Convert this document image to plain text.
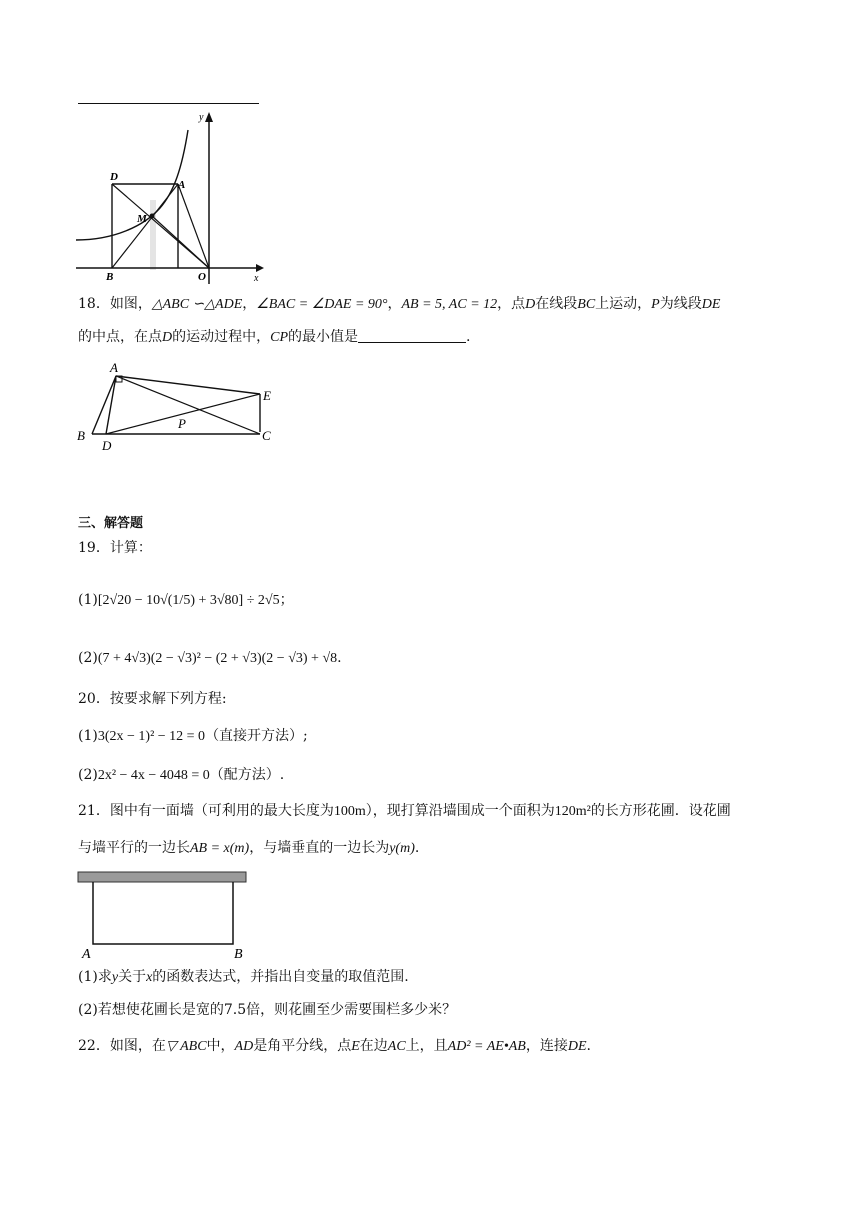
y
x
D
A
M
B	O
18．如图，△ABC ∽△ADE，∠BAC = ∠DAE = 90°，AB = 5, AC = 12，点D在线段BC上运动，P为线段DE
的中点，在点D的运动过程中，CP的最小值是	.
A
E
P
B
D
C
三、解答题
19．计算：
(1)[2√20 − 10√(1/5) + 3√80] ÷ 2√5；
(2)(7 + 4√3)(2 − √3)² − (2 + √3)(2 − √3) + √8.
20．按要求解下列方程:
(1)3(2x − 1)² − 12 = 0（直接开方法）;
(2)2x² − 4x − 4048 = 0（配方法）.
21．图中有一面墙（可利用的最大长度为100m），现打算沿墙围成一个面积为120m²的长方形花圃．设花圃
与墙平行的一边长AB = x(m)，与墙垂直的一边长为y(m).
A	B
(1)求y关于x的函数表达式，并指出自变量的取值范围.
(2)若想使花圃长是宽的7.5倍，则花圃至少需要围栏多少米？
22．如图，在▽ ABC中，AD是角平分线，点E在边AC上，且AD² = AE•AB，连接DE.
